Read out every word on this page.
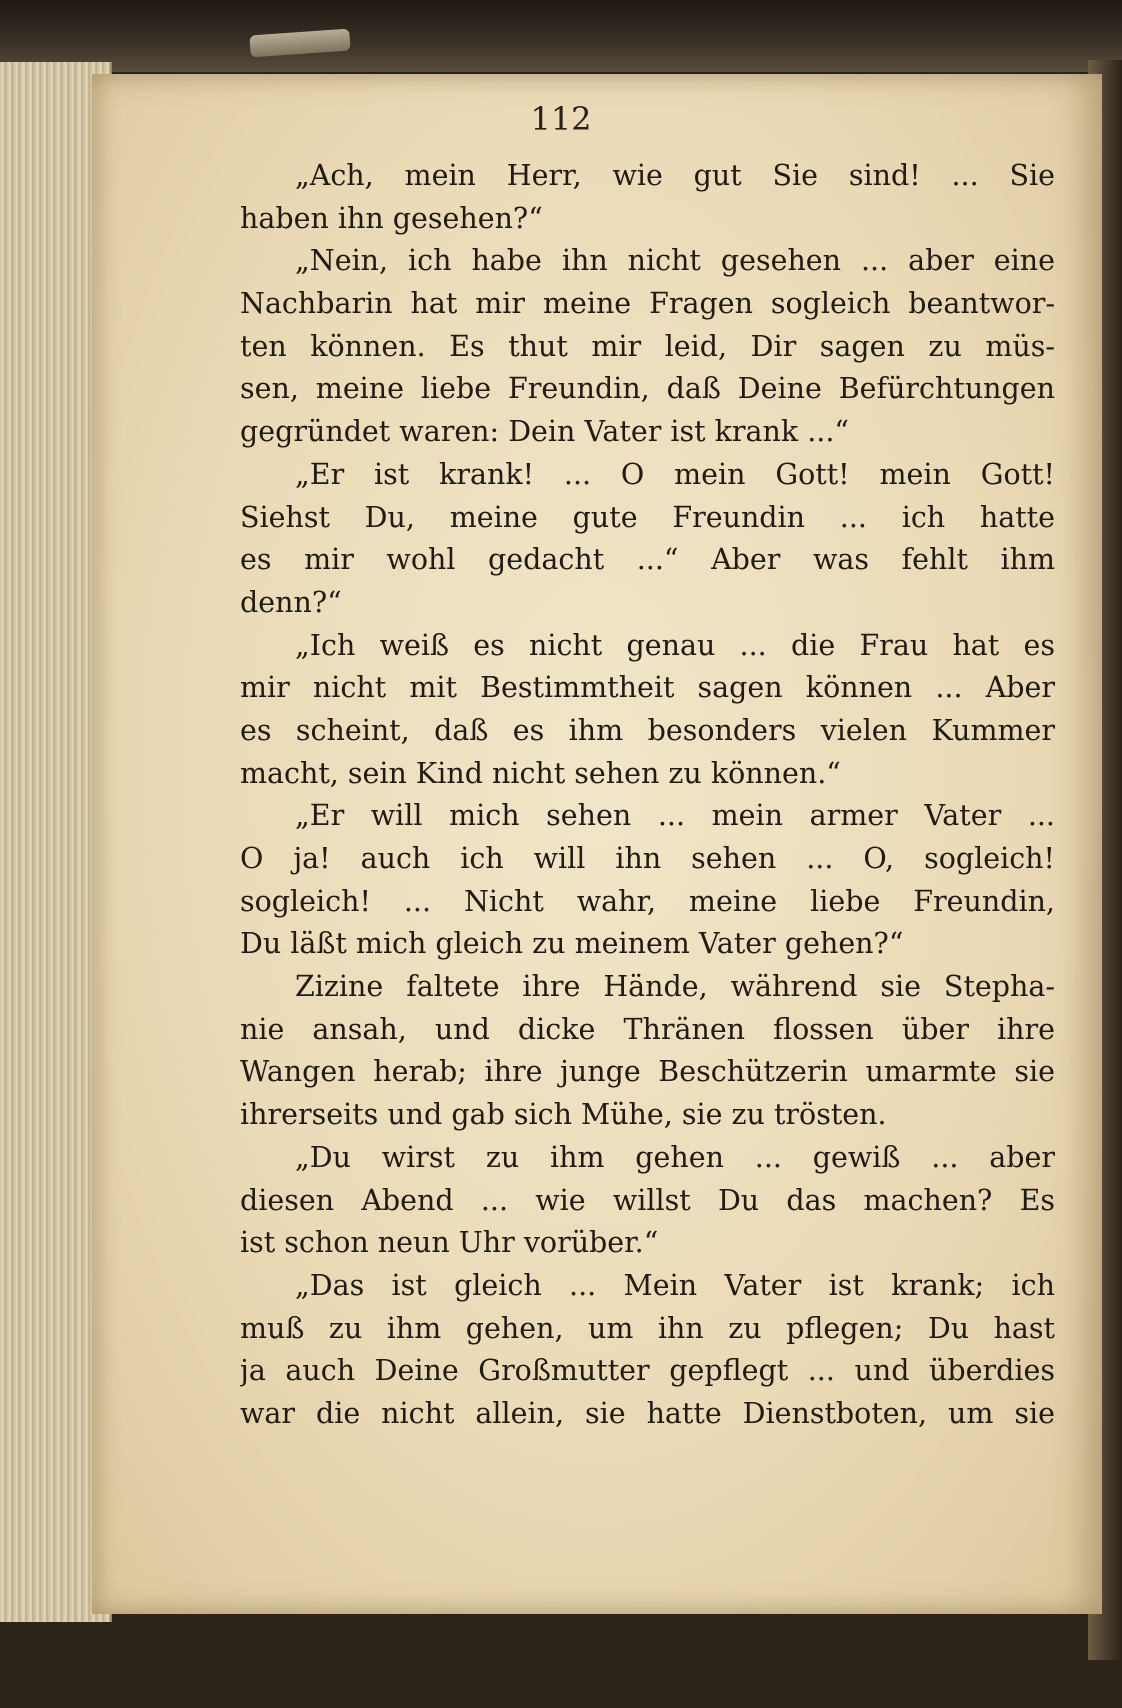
112
„Ach, mein Herr, wie gut Sie sind! ... Sie
haben ihn gesehen?“
„Nein, ich habe ihn nicht gesehen ... aber eine
Nachbarin hat mir meine Fragen sogleich beantwor-
ten können. Es thut mir leid, Dir sagen zu müs-
sen, meine liebe Freundin, daß Deine Befürchtungen
gegründet waren: Dein Vater ist krank ...“
„Er ist krank! ... O mein Gott! mein Gott!
Siehst Du, meine gute Freundin ... ich hatte
es mir wohl gedacht ...“ Aber was fehlt ihm
denn?“
„Ich weiß es nicht genau ... die Frau hat es
mir nicht mit Bestimmtheit sagen können ... Aber
es scheint, daß es ihm besonders vielen Kummer
macht, sein Kind nicht sehen zu können.“
„Er will mich sehen ... mein armer Vater ...
O ja! auch ich will ihn sehen ... O, sogleich!
sogleich! ... Nicht wahr, meine liebe Freundin,
Du läßt mich gleich zu meinem Vater gehen?“
Zizine faltete ihre Hände, während sie Stepha-
nie ansah, und dicke Thränen flossen über ihre
Wangen herab; ihre junge Beschützerin umarmte sie
ihrerseits und gab sich Mühe, sie zu trösten.
„Du wirst zu ihm gehen ... gewiß ... aber
diesen Abend ... wie willst Du das machen? Es
ist schon neun Uhr vorüber.“
„Das ist gleich ... Mein Vater ist krank; ich
muß zu ihm gehen, um ihn zu pflegen; Du hast
ja auch Deine Großmutter gepflegt ... und überdies
war die nicht allein, sie hatte Dienstboten, um sie
